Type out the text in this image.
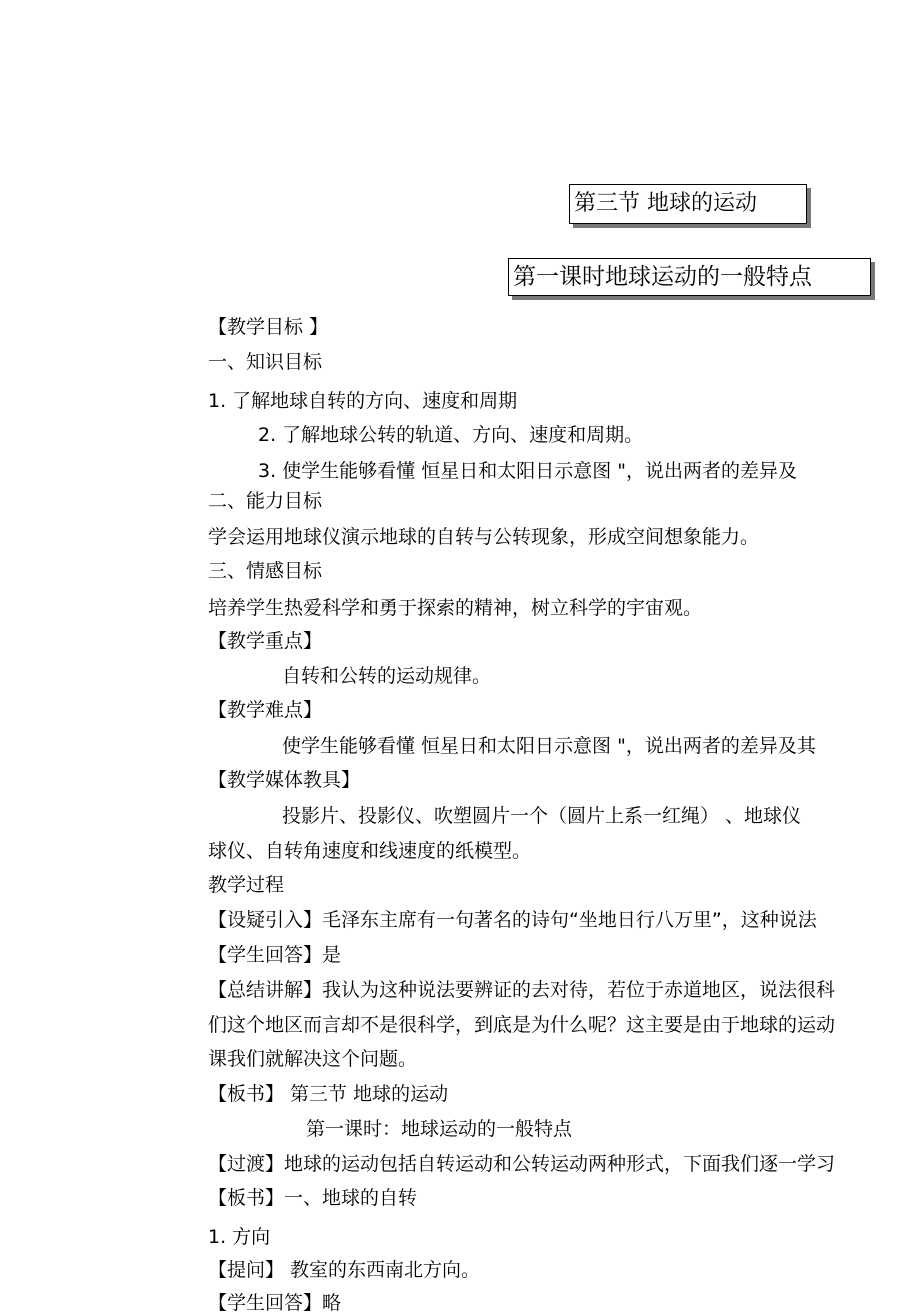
第三节 地球的运动
第一课时地球运动的一般特点
【教学目标 】
一、知识目标
1. 了解地球自转的方向、速度和周期
2. 了解地球公转的轨道、方向、速度和周期。
3. 使学生能够看懂 恒星日和太阳日示意图 "，说出两者的差异及
二、能力目标
学会运用地球仪演示地球的自转与公转现象，形成空间想象能力。
三、情感目标
培养学生热爱科学和勇于探索的精神，树立科学的宇宙观。
【教学重点】
自转和公转的运动规律。
【教学难点】
使学生能够看懂 恒星日和太阳日示意图 "，说出两者的差异及其
【教学媒体教具】
投影片、投影仪、吹塑圆片一个（圆片上系一红绳） 、地球仪
球仪、自转角速度和线速度的纸模型。
教学过程
【设疑引入】毛泽东主席有一句著名的诗句“坐地日行八万里”，这种说法
【学生回答】是
【总结讲解】我认为这种说法要辨证的去对待，若位于赤道地区，说法很科
们这个地区而言却不是很科学，到底是为什么呢？这主要是由于地球的运动
课我们就解决这个问题。
【板书】 第三节 地球的运动
第一课时：地球运动的一般特点
【过渡】地球的运动包括自转运动和公转运动两种形式，下面我们逐一学习
【板书】一、地球的自转
1. 方向
【提问】 教室的东西南北方向。
【学生回答】略
